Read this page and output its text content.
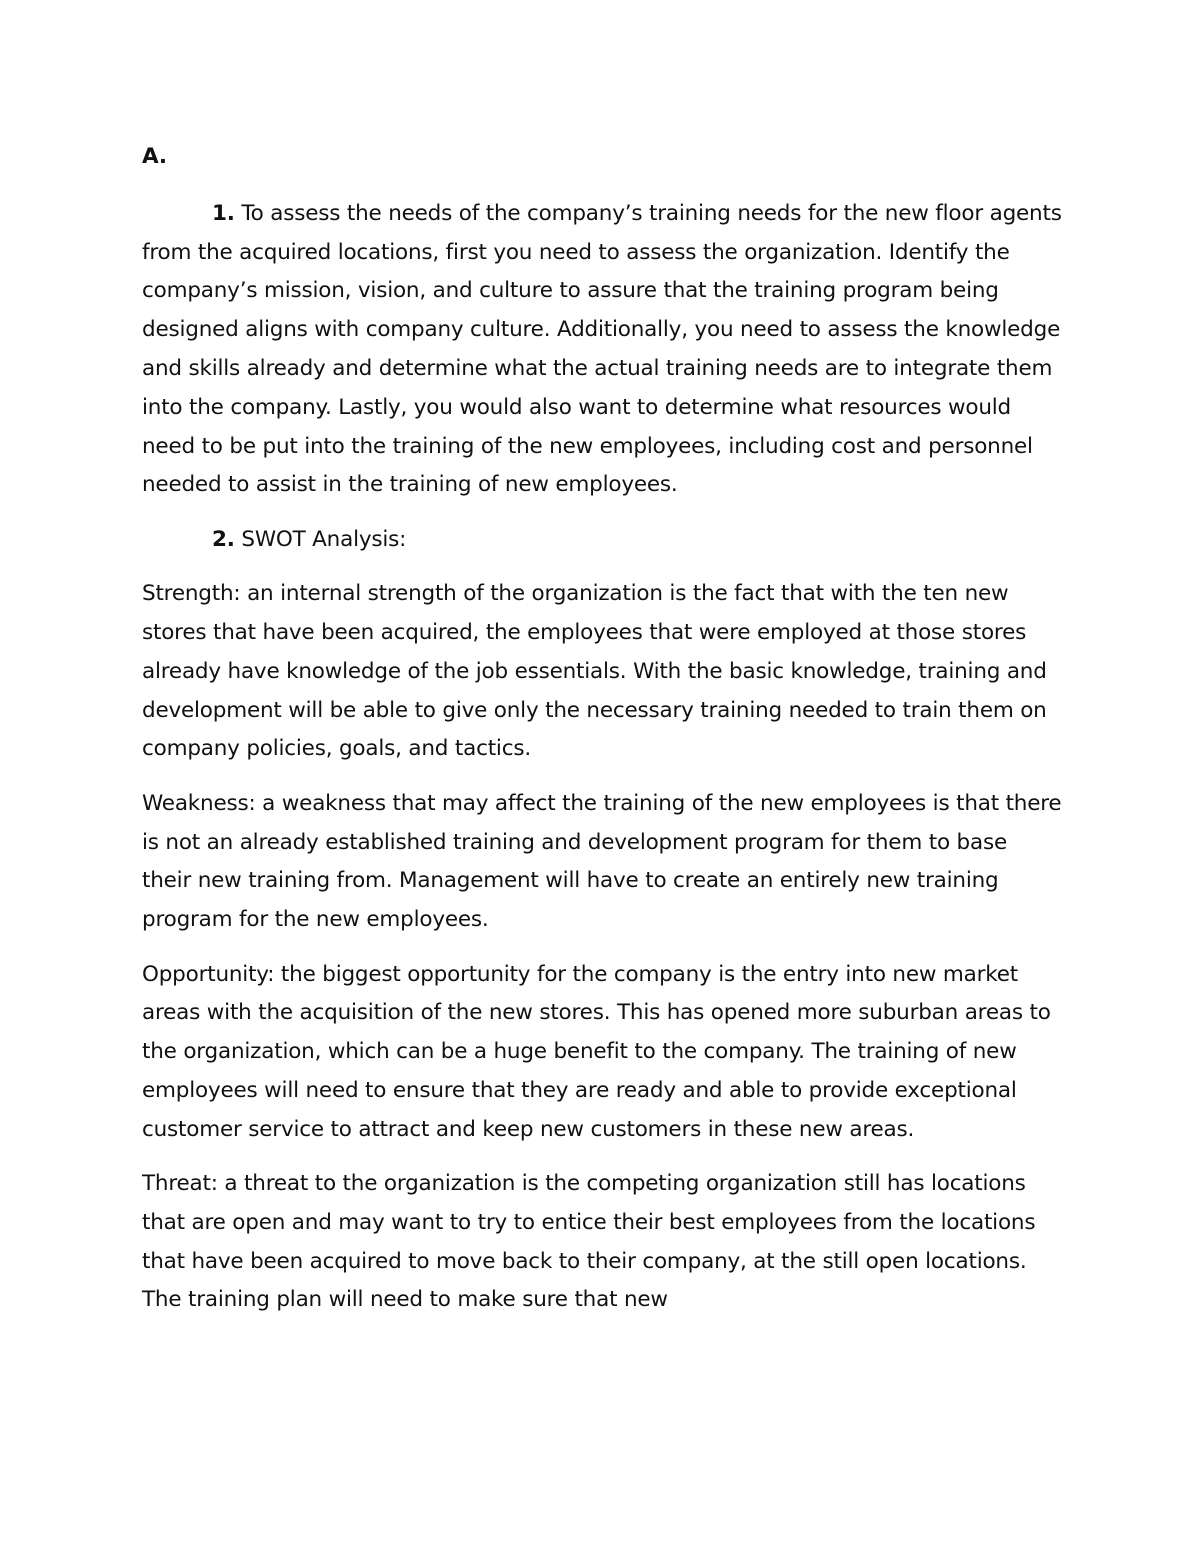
A.

1. To assess the needs of the company’s training needs for the new floor agents from the acquired locations, first you need to assess the organization. Identify the company’s mission, vision, and culture to assure that the training program being designed aligns with company culture. Additionally, you need to assess the knowledge and skills already and determine what the actual training needs are to integrate them into the company. Lastly, you would also want to determine what resources would need to be put into the training of the new employees, including cost and personnel needed to assist in the training of new employees.

2. SWOT Analysis:

Strength: an internal strength of the organization is the fact that with the ten new stores that have been acquired, the employees that were employed at those stores already have knowledge of the job essentials. With the basic knowledge, training and development will be able to give only the necessary training needed to train them on company policies, goals, and tactics.

Weakness: a weakness that may affect the training of the new employees is that there is not an already established training and development program for them to base their new training from. Management will have to create an entirely new training program for the new employees.

Opportunity: the biggest opportunity for the company is the entry into new market areas with the acquisition of the new stores. This has opened more suburban areas to the organization, which can be a huge benefit to the company. The training of new employees will need to ensure that they are ready and able to provide exceptional customer service to attract and keep new customers in these new areas.

Threat: a threat to the organization is the competing organization still has locations that are open and may want to try to entice their best employees from the locations that have been acquired to move back to their company, at the still open locations. The training plan will need to make sure that new
